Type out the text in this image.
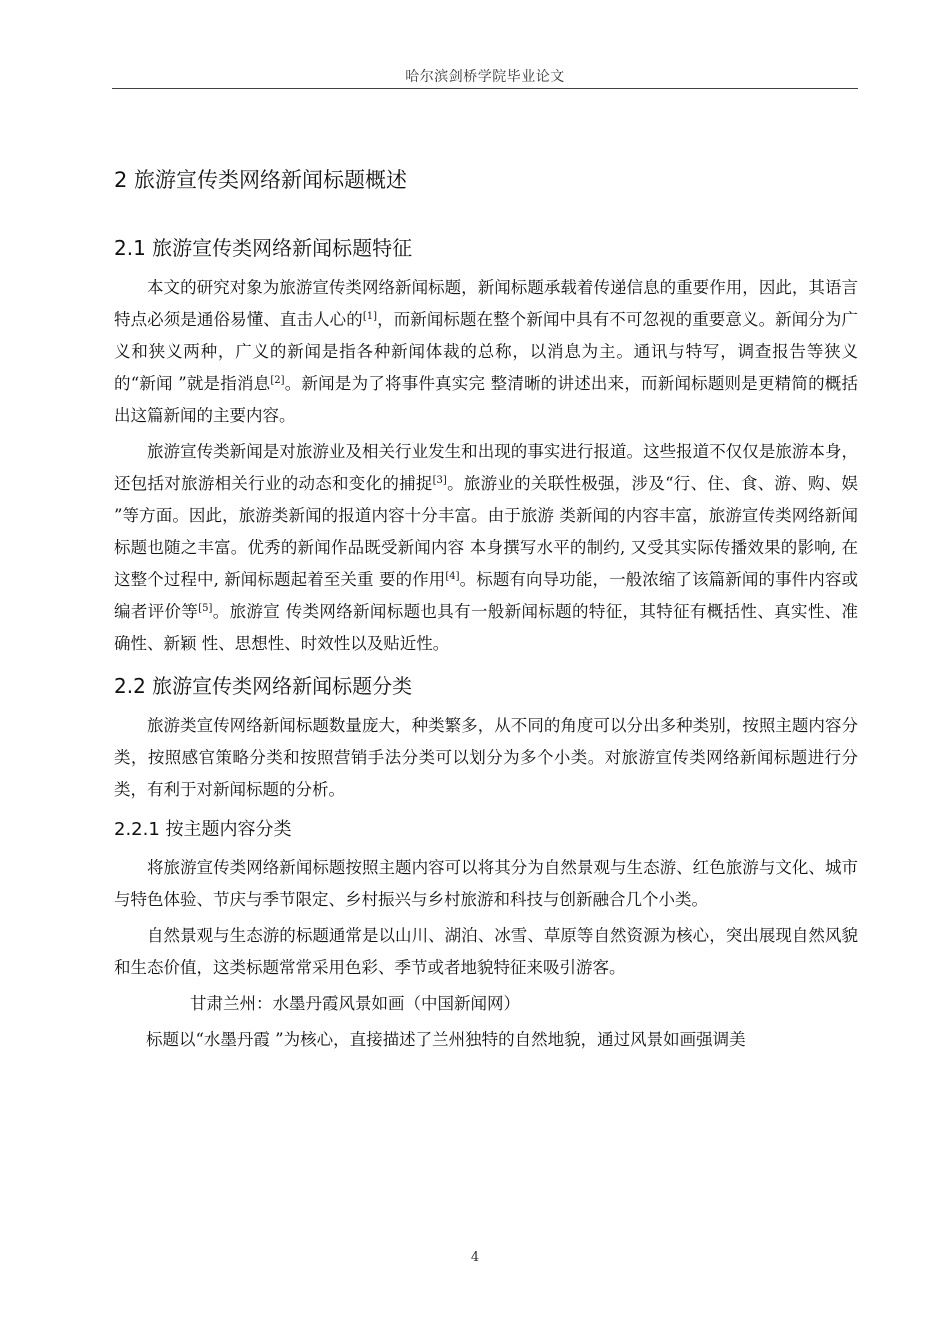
哈尔滨剑桥学院毕业论文
2 旅游宣传类网络新闻标题概述
2.1 旅游宣传类网络新闻标题特征

本文的研究对象为旅游宣传类网络新闻标题，新闻标题承载着传递信息的重要作用，因此，其语言特点必须是通俗易懂、直击人心的[1]，而新闻标题在整个新闻中具有不可忽视的重要意义。新闻分为广义和狭义两种，广义的新闻是指各种新闻体裁的总称，以消息为主。通讯与特写，调查报告等狭义的“新闻 ”就是指消息[2]。新闻是为了将事件真实完 整清晰的讲述出来，而新闻标题则是更精简的概括出这篇新闻的主要内容。

旅游宣传类新闻是对旅游业及相关行业发生和出现的事实进行报道。这些报道不仅仅是旅游本身，还包括对旅游相关行业的动态和变化的捕捉[3]。旅游业的关联性极强，涉及“行、住、食、游、购、娱 ”等方面。因此，旅游类新闻的报道内容十分丰富。由于旅游 类新闻的内容丰富，旅游宣传类网络新闻标题也随之丰富。优秀的新闻作品既受新闻内容 本身撰写水平的制约, 又受其实际传播效果的影响, 在这整个过程中, 新闻标题起着至关重 要的作用[4]。标题有向导功能，一般浓缩了该篇新闻的事件内容或编者评价等[5]。旅游宣 传类网络新闻标题也具有一般新闻标题的特征，其特征有概括性、真实性、准确性、新颖 性、思想性、时效性以及贴近性。

2.2 旅游宣传类网络新闻标题分类

旅游类宣传网络新闻标题数量庞大，种类繁多，从不同的角度可以分出多种类别，按照主题内容分类，按照感官策略分类和按照营销手法分类可以划分为多个小类。对旅游宣传类网络新闻标题进行分类，有利于对新闻标题的分析。

2.2.1 按主题内容分类

将旅游宣传类网络新闻标题按照主题内容可以将其分为自然景观与生态游、红色旅游与文化、城市与特色体验、节庆与季节限定、乡村振兴与乡村旅游和科技与创新融合几个小类。

自然景观与生态游的标题通常是以山川、湖泊、冰雪、草原等自然资源为核心，突出展现自然风貌和生态价值，这类标题常常采用色彩、季节或者地貌特征来吸引游客。

甘肃兰州：水墨丹霞风景如画（中国新闻网）

标题以“水墨丹霞 ”为核心，直接描述了兰州独特的自然地貌，通过风景如画强调美

4
